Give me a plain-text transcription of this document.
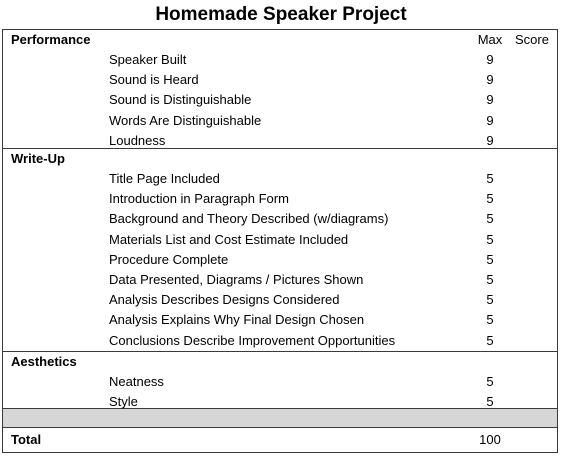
Homemade Speaker Project
Performance	Max Score
Speaker Built	9
Sound is Heard	9
Sound is Distinguishable	9
Words Are Distinguishable	9
Loudness	9
Write-Up
Title Page Included	5
Introduction in Paragraph Form	5
Background and Theory Described (w/diagrams)	5
Materials List and Cost Estimate Included	5
Procedure Complete	5
Data Presented, Diagrams / Pictures Shown	5
Analysis Describes Designs Considered	5
Analysis Explains Why Final Design Chosen	5
Conclusions Describe Improvement Opportunities	5
Aesthetics
Neatness	5
Style	5
Total	100
